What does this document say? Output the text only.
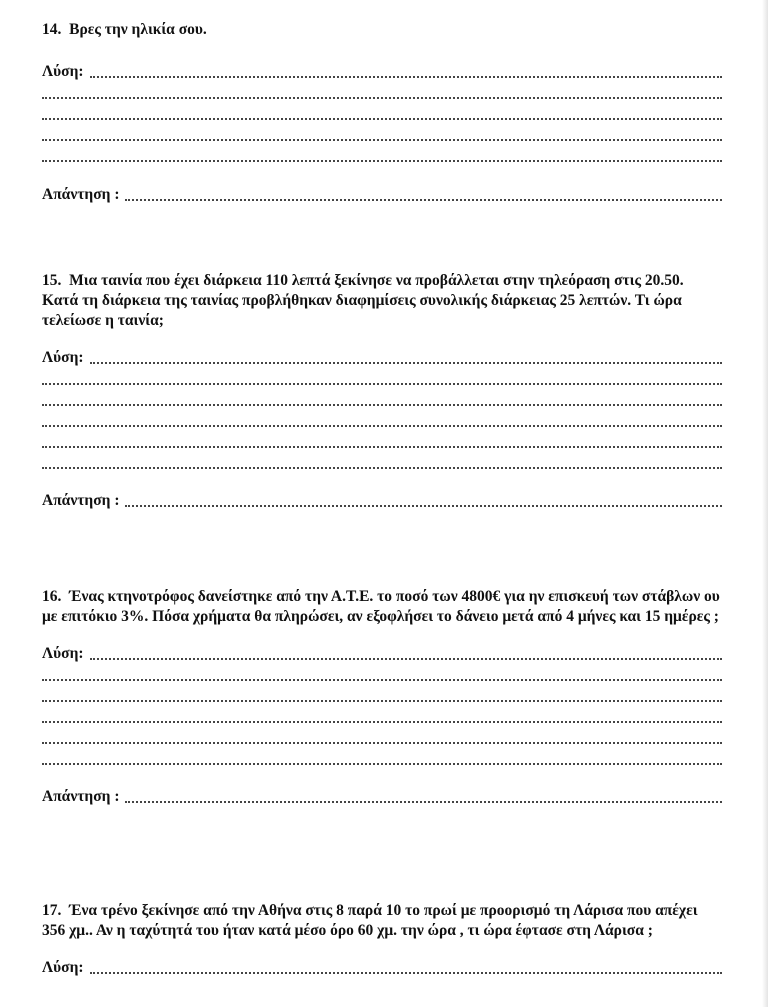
14. Βρες την ηλικία σου.

Λύση:
Απάντηση :

15. Μια ταινία που έχει διάρκεια 110 λεπτά ξεκίνησε να προβάλλεται στην τηλεόραση στις 20.50. Κατά τη διάρκεια της ταινίας προβλήθηκαν διαφημίσεις συνολικής διάρκειας 25 λεπτών. Τι ώρα τελείωσε η ταινία;

Λύση:
Απάντηση :

16. Ένας κτηνοτρόφος δανείστηκε από την Α.Τ.Ε. το ποσό των 4800€ για ην επισκευή των στάβλων ου με επιτόκιο 3%. Πόσα χρήματα θα πληρώσει, αν εξοφλήσει το δάνειο μετά από 4 μήνες και 15 ημέρες ;

Λύση:
Απάντηση :

17. Ένα τρένο ξεκίνησε από την Αθήνα στις 8 παρά 10 το πρωί με προορισμό τη Λάρισα που απέχει 356 χμ.. Αν η ταχύτητά του ήταν κατά μέσο όρο 60 χμ. την ώρα , τι ώρα έφτασε στη Λάρισα ;

Λύση:
